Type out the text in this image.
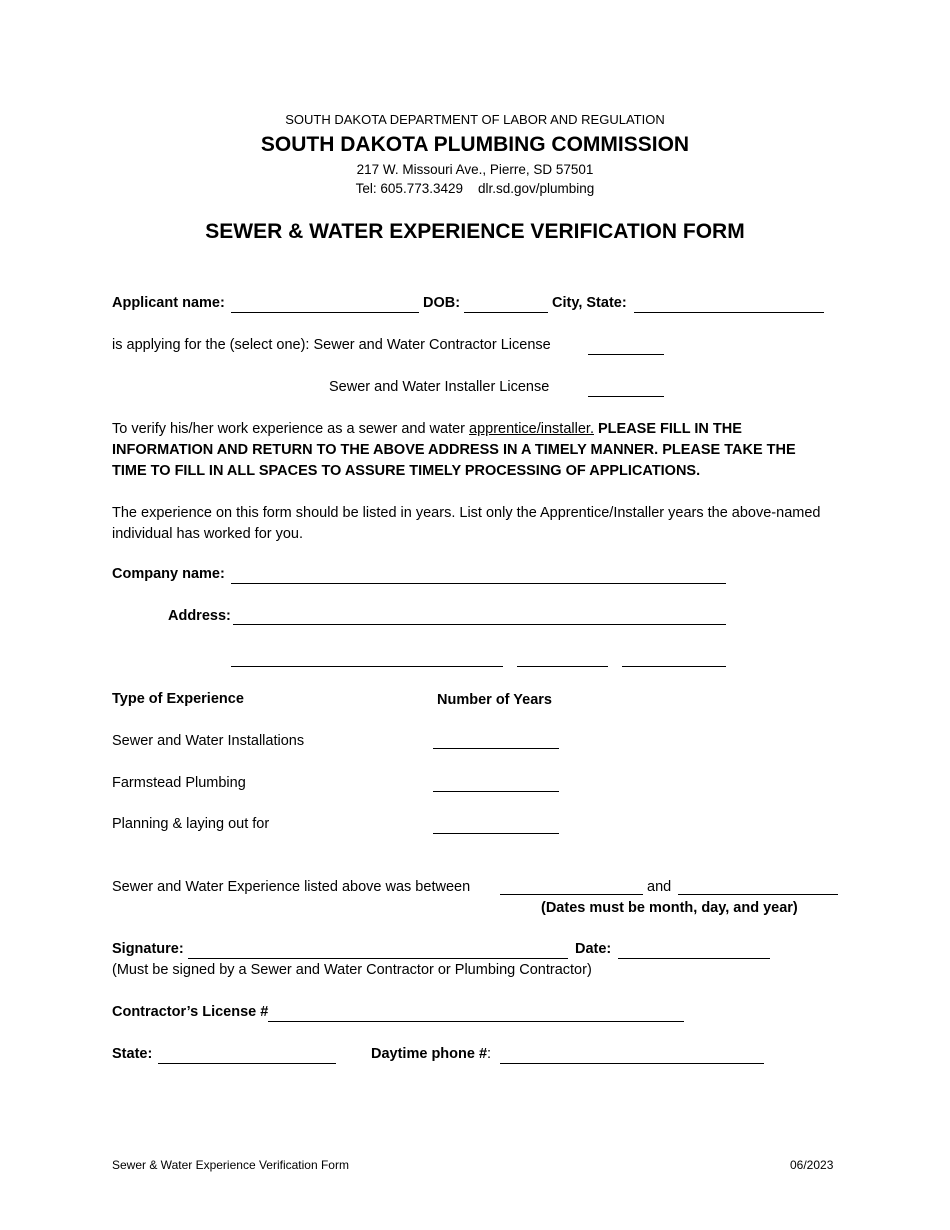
SOUTH DAKOTA DEPARTMENT OF LABOR AND REGULATION
SOUTH DAKOTA PLUMBING COMMISSION
217 W. Missouri Ave., Pierre, SD 57501
Tel: 605.773.3429    dlr.sd.gov/plumbing
SEWER & WATER EXPERIENCE VERIFICATION FORM
Applicant name:	DOB:	City, State:
is applying for the (select one): Sewer and Water Contractor License
Sewer and Water Installer License
To verify his/her work experience as a sewer and water apprentice/installer. PLEASE FILL IN THE INFORMATION AND RETURN TO THE ABOVE ADDRESS IN A TIMELY MANNER. PLEASE TAKE THE TIME TO FILL IN ALL SPACES TO ASSURE TIMELY PROCESSING OF APPLICATIONS.
The experience on this form should be listed in years. List only the Apprentice/Installer years the above-named individual has worked for you.
Company name:
Address:
Type of Experience	Number of Years
Sewer and Water Installations
Farmstead Plumbing
Planning & laying out for
Sewer and Water Experience listed above was between	and
(Dates must be month, day, and year)
Signature:	Date:
(Must be signed by a Sewer and Water Contractor or Plumbing Contractor)
Contractor’s License #
State:	Daytime phone #:
Sewer & Water Experience Verification Form	06/2023
